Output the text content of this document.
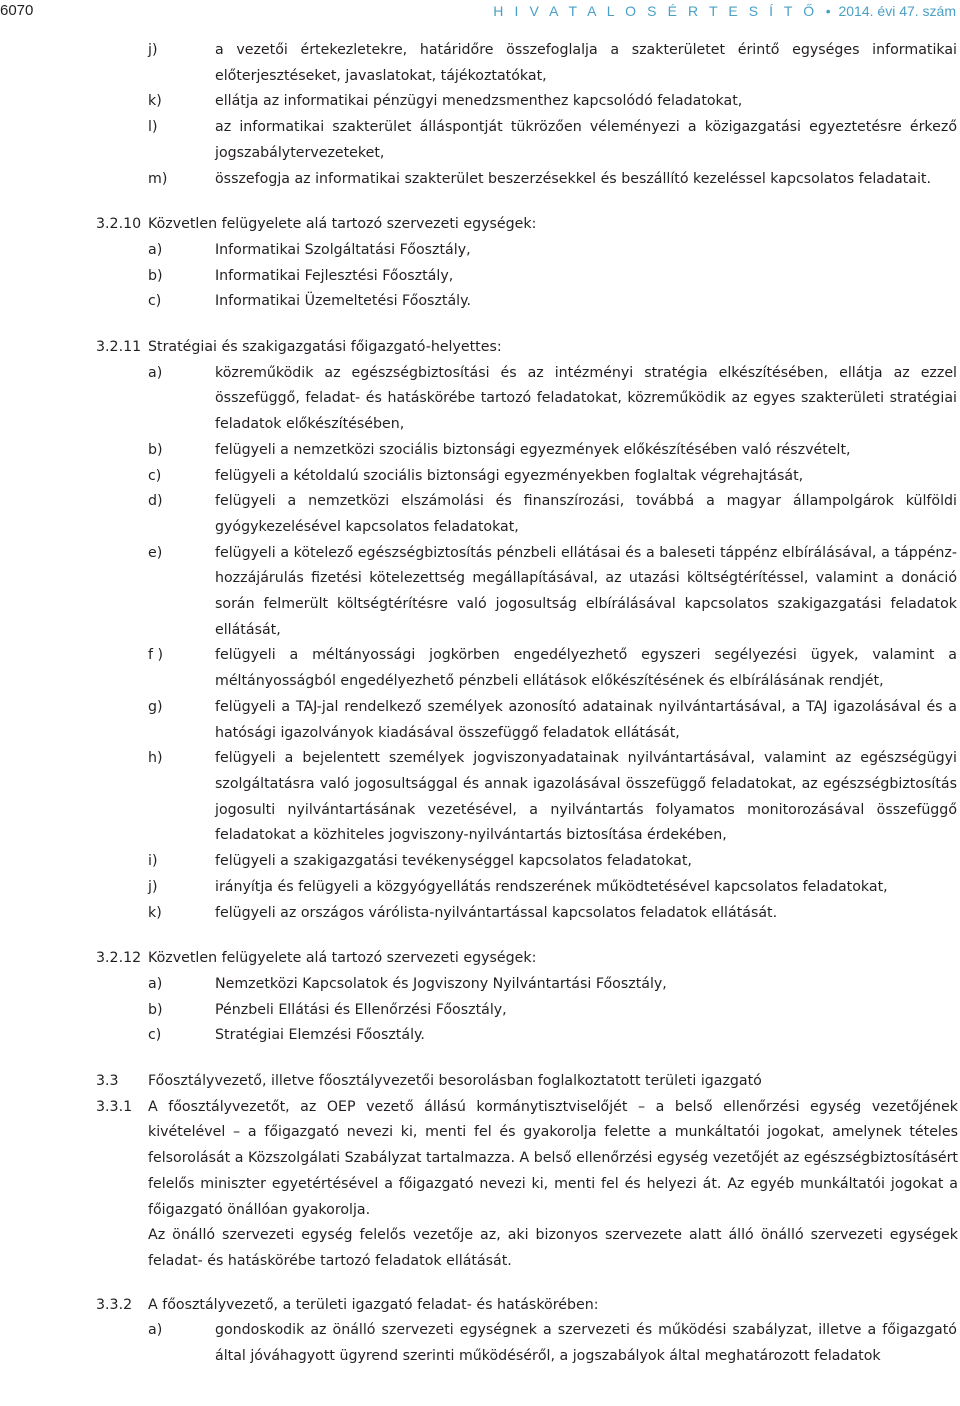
6070	H I V A T A L O S É R T E S Í T Ő • 2014. évi 47. szám
j)	a vezetői értekezletekre, határidőre összefoglalja a szakterületet érintő egységes informatikai előterjesztéseket, javaslatokat, tájékoztatókat,
k)	ellátja az informatikai pénzügyi menedzsmenthez kapcsolódó feladatokat,
l)	az informatikai szakterület álláspontját tükrözően véleményezi a közigazgatási egyeztetésre érkező jogszabálytervezeteket,
m)	összefogja az informatikai szakterület beszerzésekkel és beszállító kezeléssel kapcsolatos feladatait.
3.2.10 Közvetlen felügyelete alá tartozó szervezeti egységek:
a)	Informatikai Szolgáltatási Főosztály,
b)	Informatikai Fejlesztési Főosztály,
c)	Informatikai Üzemeltetési Főosztály.
3.2.11 Stratégiai és szakigazgatási főigazgató-helyettes:
a)	közreműködik az egészségbiztosítási és az intézményi stratégia elkészítésében, ellátja az ezzel összefüggő, feladat- és hatáskörébe tartozó feladatokat, közreműködik az egyes szakterületi stratégiai feladatok előkészítésében,
b)	felügyeli a nemzetközi szociális biztonsági egyezmények előkészítésében való részvételt,
c)	felügyeli a kétoldalú szociális biztonsági egyezményekben foglaltak végrehajtását,
d)	felügyeli a nemzetközi elszámolási és finanszírozási, továbbá a magyar állampolgárok külföldi gyógykezelésével kapcsolatos feladatokat,
e)	felügyeli a kötelező egészségbiztosítás pénzbeli ellátásai és a baleseti táppénz elbírálásával, a táppénz-hozzájárulás fizetési kötelezettség megállapításával, az utazási költségtérítéssel, valamint a donáció során felmerült költségtérítésre való jogosultság elbírálásával kapcsolatos szakigazgatási feladatok ellátását,
f )	felügyeli a méltányossági jogkörben engedélyezhető egyszeri segélyezési ügyek, valamint a méltányosságból engedélyezhető pénzbeli ellátások előkészítésének és elbírálásának rendjét,
g)	felügyeli a TAJ-jal rendelkező személyek azonosító adatainak nyilvántartásával, a TAJ igazolásával és a hatósági igazolványok kiadásával összefüggő feladatok ellátását,
h)	felügyeli a bejelentett személyek jogviszonyadatainak nyilvántartásával, valamint az egészségügyi szolgáltatásra való jogosultsággal és annak igazolásával összefüggő feladatokat, az egészségbiztosítás jogosulti nyilvántartásának vezetésével, a nyilvántartás folyamatos monitorozásával összefüggő feladatokat a közhiteles jogviszony-nyilvántartás biztosítása érdekében,
i)	felügyeli a szakigazgatási tevékenységgel kapcsolatos feladatokat,
j)	irányítja és felügyeli a közgyógyellátás rendszerének működtetésével kapcsolatos feladatokat,
k)	felügyeli az országos várólista-nyilvántartással kapcsolatos feladatok ellátását.
3.2.12 Közvetlen felügyelete alá tartozó szervezeti egységek:
a)	Nemzetközi Kapcsolatok és Jogviszony Nyilvántartási Főosztály,
b)	Pénzbeli Ellátási és Ellenőrzési Főosztály,
c)	Stratégiai Elemzési Főosztály.
3.3	Főosztályvezető, illetve főosztályvezetői besorolásban foglalkoztatott területi igazgató
3.3.1	A főosztályvezetőt, az OEP vezető állású kormánytisztviselőjét – a belső ellenőrzési egység vezetőjének kivételével – a főigazgató nevezi ki, menti fel és gyakorolja felette a munkáltatói jogokat, amelynek tételes felsorolását a Közszolgálati Szabályzat tartalmazza. A belső ellenőrzési egység vezetőjét az egészségbiztosításért felelős miniszter egyetértésével a főigazgató nevezi ki, menti fel és helyezi át. Az egyéb munkáltatói jogokat a főigazgató önállóan gyakorolja.
Az önálló szervezeti egység felelős vezetője az, aki bizonyos szervezete alatt álló önálló szervezeti egységek feladat- és hatáskörébe tartozó feladatok ellátását.
3.3.2	A főosztályvezető, a területi igazgató feladat- és hatáskörében:
a)	gondoskodik az önálló szervezeti egységnek a szervezeti és működési szabályzat, illetve a főigazgató által jóváhagyott ügyrend szerinti működéséről, a jogszabályok által meghatározott feladatok
